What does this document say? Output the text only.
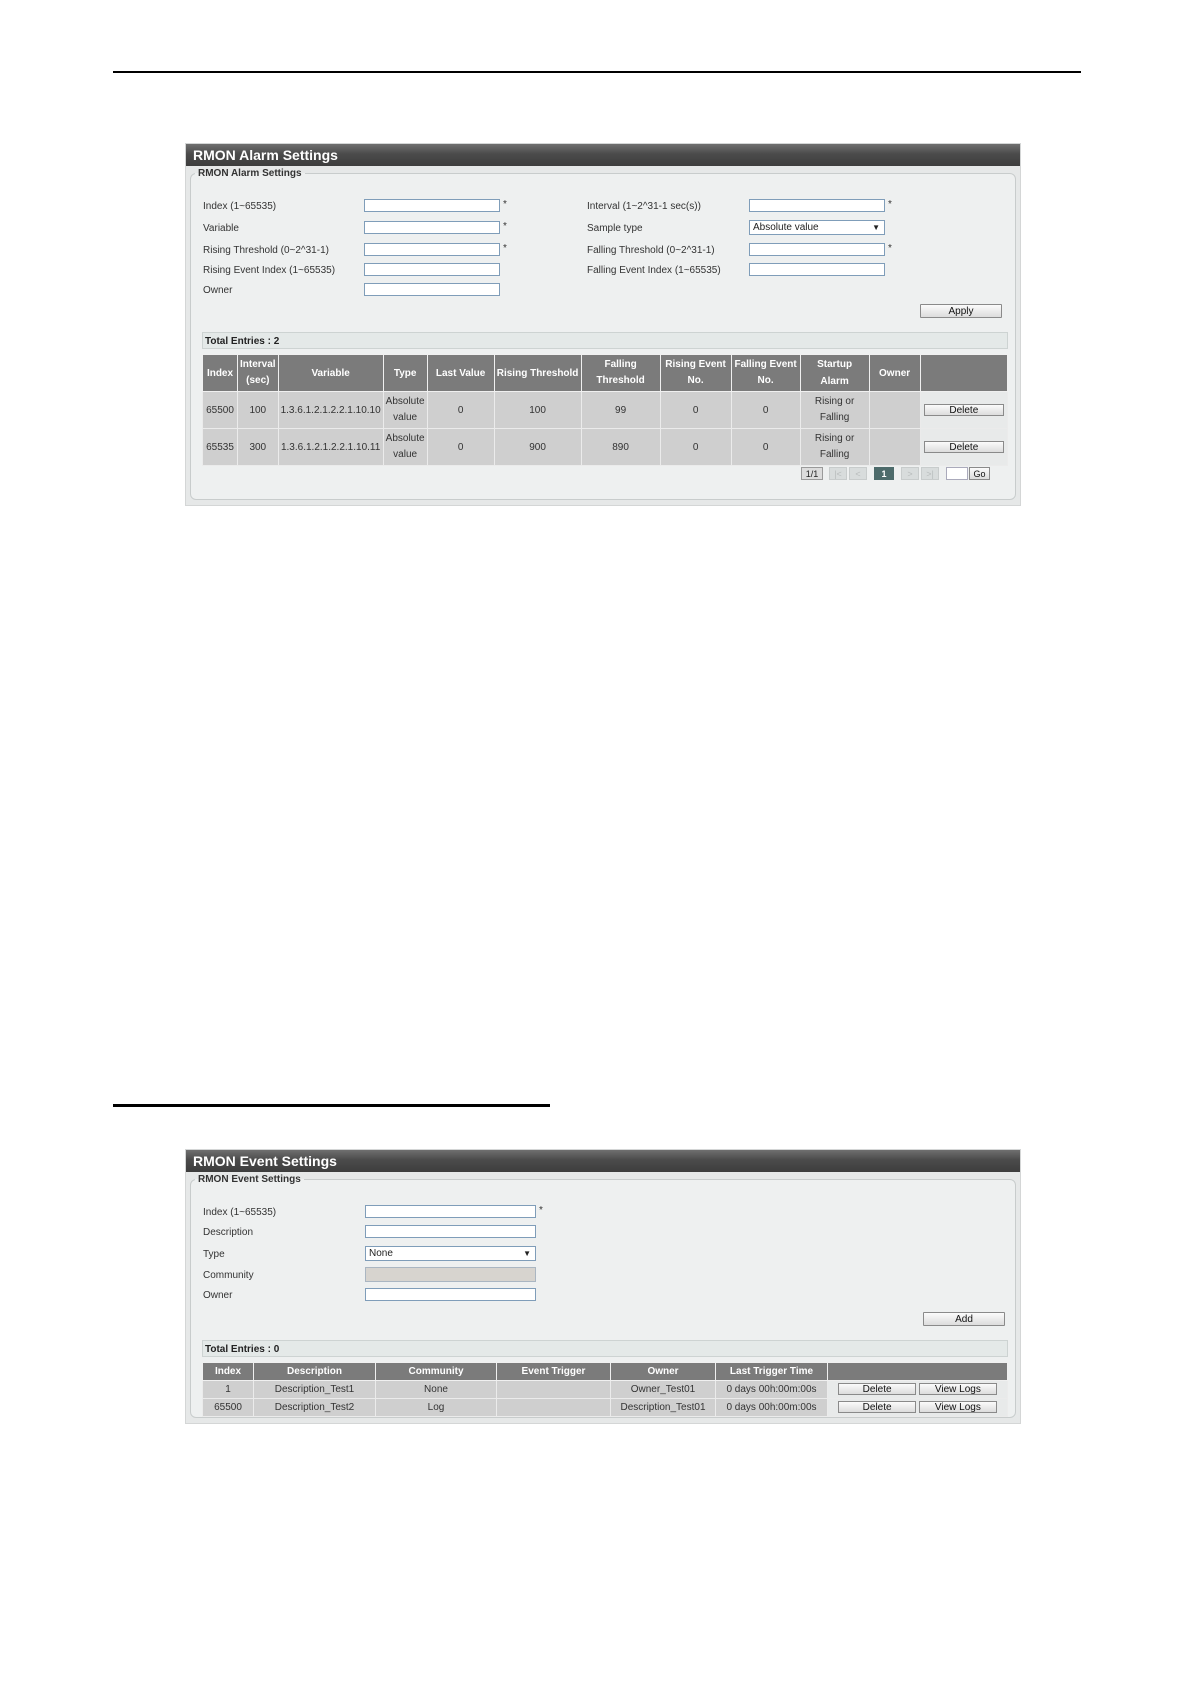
RMON Alarm Settings
RMON Alarm Settings
Index (1~65535)	*
Variable	*
Rising Threshold (0~2^31-1)	*
Rising Event Index (1~65535)
Owner
Interval (1~2^31-1 sec(s))	*
Sample type	Absolute value	▼
Falling Threshold (0~2^31-1)	*
Falling Event Index (1~65535)
Apply
Total Entries : 2
Index	Interval (sec)	Variable	Type	Last Value	Rising Threshold	Falling Threshold	Rising Event No.	Falling Event No.	Startup Alarm	Owner	
65500	100	1.3.6.1.2.1.2.2.1.10.10	Absolute value	0	100	99	0	0	Rising or Falling		Delete
65535	300	1.3.6.1.2.1.2.2.1.10.11	Absolute value	0	900	890	0	0	Rising or Falling		Delete
1/1	|<	<	1	>	>|	Go
RMON Event Settings
RMON Event Settings
Index (1~65535)	*
Description
Type	None	▼
Community
Owner
Add
Total Entries : 0
Index	Description	Community	Event Trigger	Owner	Last Trigger Time	
1	Description_Test1	None		Owner_Test01	0 days 00h:00m:00s	Delete View Logs
65500	Description_Test2	Log		Description_Test01	0 days 00h:00m:00s	Delete View Logs
